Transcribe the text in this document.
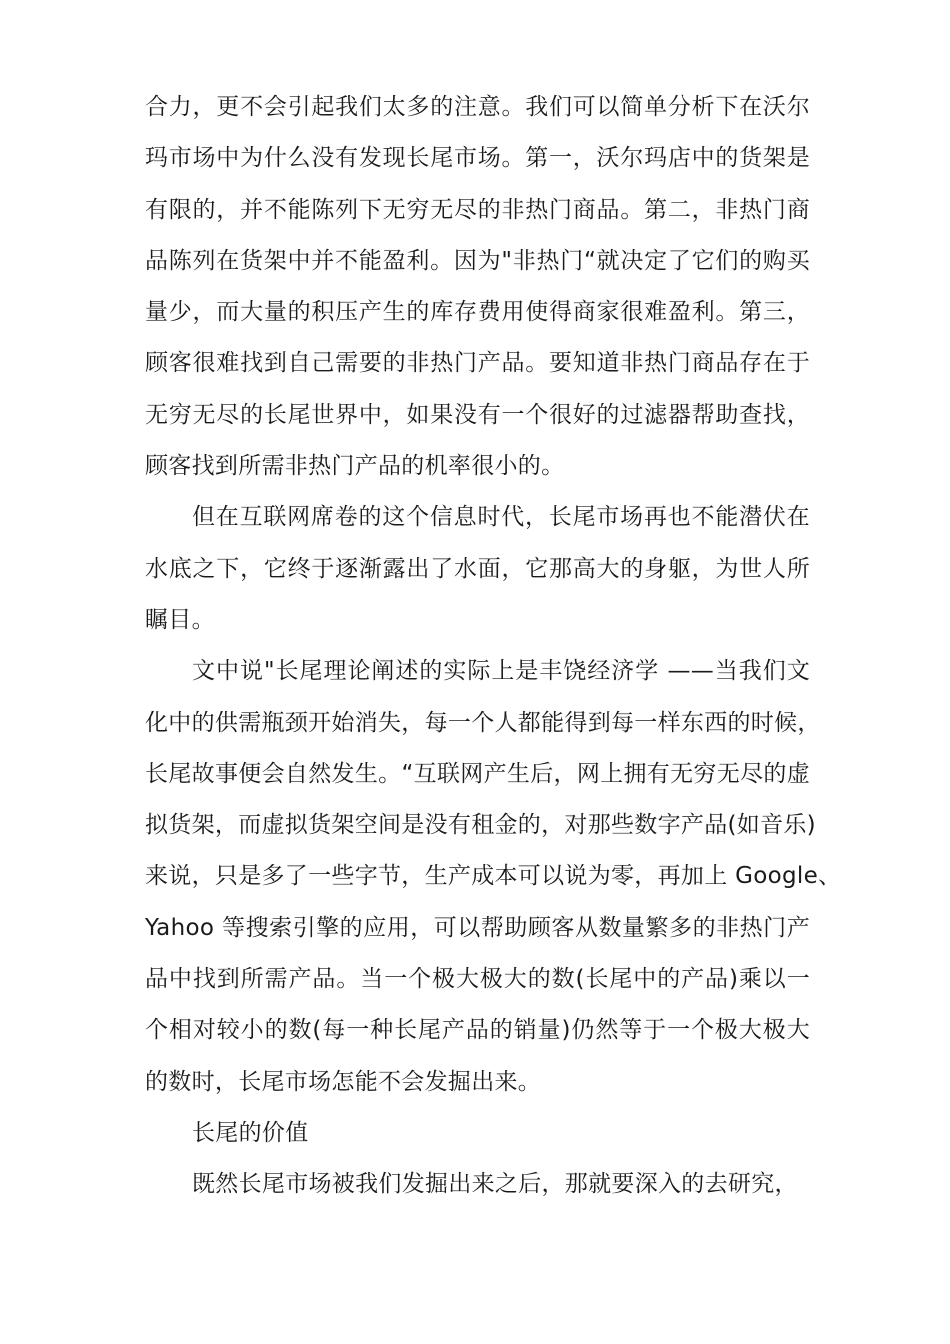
合力，更不会引起我们太多的注意。我们可以简单分析下在沃尔
玛市场中为什么没有发现长尾市场。第一，沃尔玛店中的货架是
有限的，并不能陈列下无穷无尽的非热门商品。第二，非热门商
品陈列在货架中并不能盈利。因为"非热门“就决定了它们的购买
量少，而大量的积压产生的库存费用使得商家很难盈利。第三，
顾客很难找到自己需要的非热门产品。要知道非热门商品存在于
无穷无尽的长尾世界中，如果没有一个很好的过滤器帮助查找，
顾客找到所需非热门产品的机率很小的。
但在互联网席卷的这个信息时代，长尾市场再也不能潜伏在
水底之下，它终于逐渐露出了水面，它那高大的身躯，为世人所
瞩目。
文中说"长尾理论阐述的实际上是丰饶经济学 ——当我们文
化中的供需瓶颈开始消失，每一个人都能得到每一样东西的时候，
长尾故事便会自然发生。“互联网产生后，网上拥有无穷无尽的虚
拟货架，而虚拟货架空间是没有租金的，对那些数字产品(如音乐)
来说，只是多了一些字节，生产成本可以说为零，再加上 Google、
Yahoo 等搜索引擎的应用，可以帮助顾客从数量繁多的非热门产
品中找到所需产品。当一个极大极大的数(长尾中的产品)乘以一
个相对较小的数(每一种长尾产品的销量)仍然等于一个极大极大
的数时，长尾市场怎能不会发掘出来。
长尾的价值
既然长尾市场被我们发掘出来之后，那就要深入的去研究，
